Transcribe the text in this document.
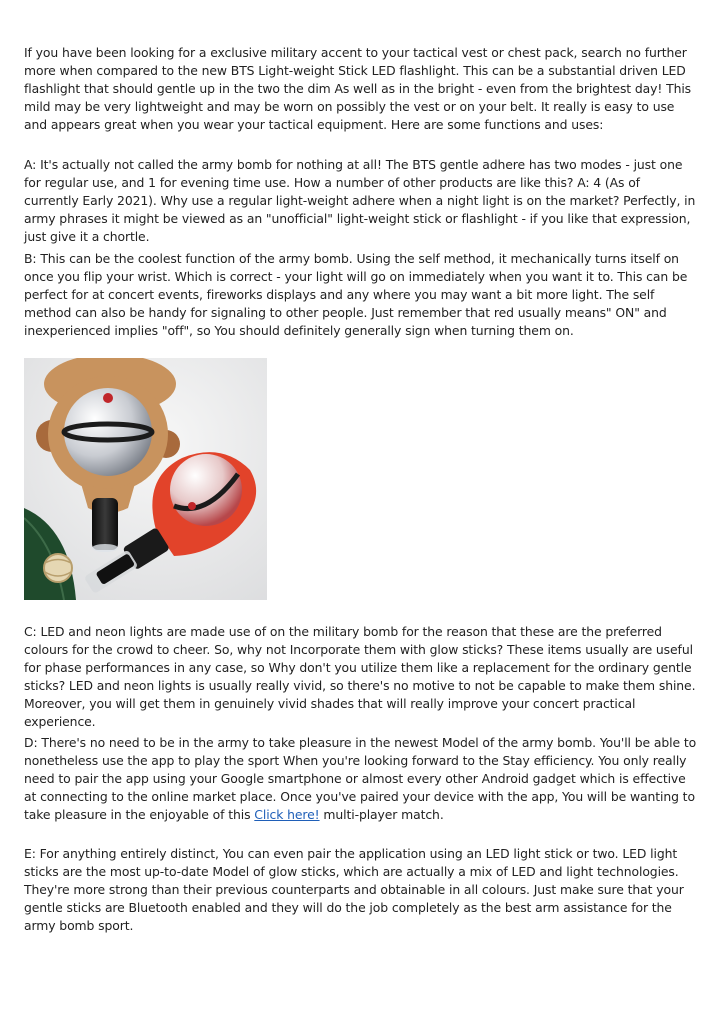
If you have been looking for a exclusive military accent to your tactical vest or chest pack, search no further more when compared to the new BTS Light-weight Stick LED flashlight. This can be a substantial driven LED flashlight that should gentle up in the two the dim As well as in the bright - even from the brightest day! This mild may be very lightweight and may be worn on possibly the vest or on your belt. It really is easy to use and appears great when you wear your tactical equipment. Here are some functions and uses:

A: It's actually not called the army bomb for nothing at all! The BTS gentle adhere has two modes - just one for regular use, and 1 for evening time use. How a number of other products are like this? A: 4 (As of currently Early 2021). Why use a regular light-weight adhere when a night light is on the market? Perfectly, in army phrases it might be viewed as an "unofficial" light-weight stick or flashlight - if you like that expression, just give it a chortle.

B: This can be the coolest function of the army bomb. Using the self method, it mechanically turns itself on once you flip your wrist. Which is correct - your light will go on immediately when you want it to. This can be perfect for at concert events, fireworks displays and any where you may want a bit more light. The self method can also be handy for signaling to other people. Just remember that red usually means" ON" and inexperienced implies "off", so You should definitely generally sign when turning them on.

C: LED and neon lights are made use of on the military bomb for the reason that these are the preferred colours for the crowd to cheer. So, why not Incorporate them with glow sticks? These items usually are useful for phase performances in any case, so Why don't you utilize them like a replacement for the ordinary gentle sticks? LED and neon lights is usually really vivid, so there's no motive to not be capable to make them shine. Moreover, you will get them in genuinely vivid shades that will really improve your concert practical experience.

D: There's no need to be in the army to take pleasure in the newest Model of the army bomb. You'll be able to nonetheless use the app to play the sport When you're looking forward to the Stay efficiency. You only really need to pair the app using your Google smartphone or almost every other Android gadget which is effective at connecting to the online market place. Once you've paired your device with the app, You will be wanting to take pleasure in the enjoyable of this Click here! multi-player match.

E: For anything entirely distinct, You can even pair the application using an LED light stick or two. LED light sticks are the most up-to-date Model of glow sticks, which are actually a mix of LED and light technologies. They're more strong than their previous counterparts and obtainable in all colours. Just make sure that your gentle sticks are Bluetooth enabled and they will do the job completely as the best arm assistance for the army bomb sport.
